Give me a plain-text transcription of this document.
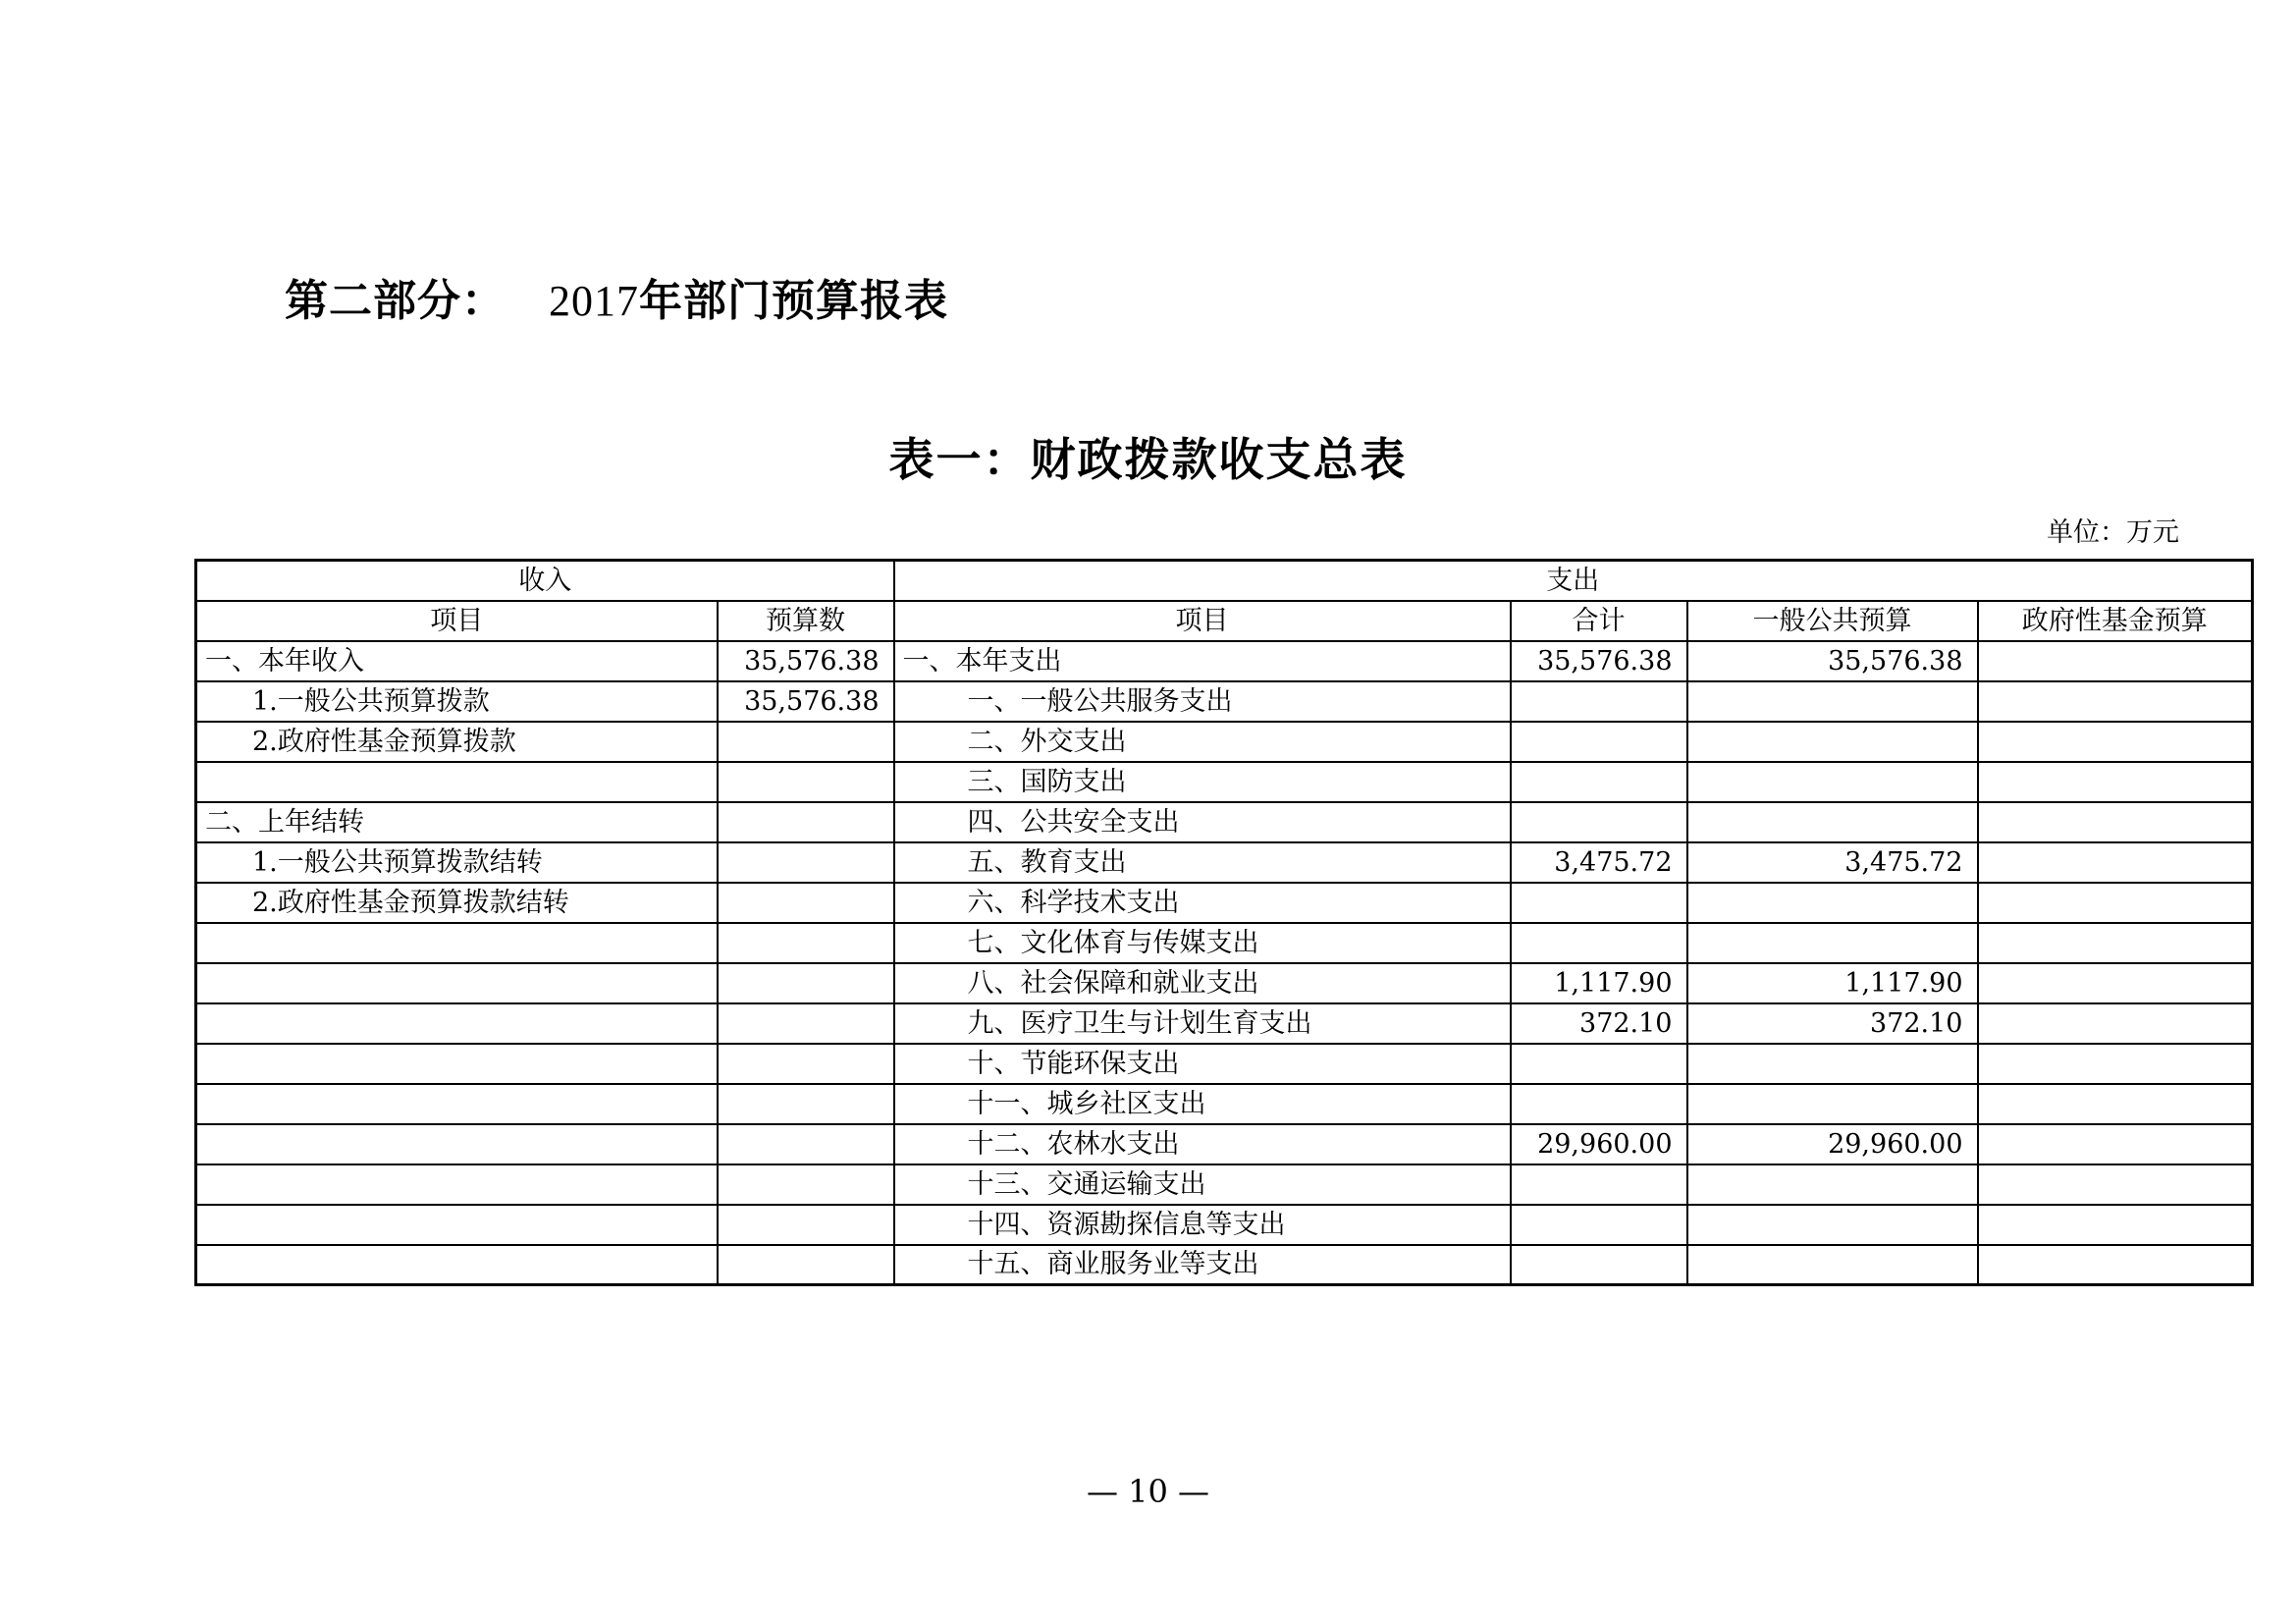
第二部分： 2017年部门预算报表
表一：财政拨款收支总表
单位：万元
收入		支出			
项目	预算数	项目	合计	一般公共预算	政府性基金预算
一、本年收入	35,576.38	一、本年支出	35,576.38	35,576.38	
1.一般公共预算拨款	35,576.38	一、一般公共服务支出			
2.政府性基金预算拨款		二、外交支出			
		三、国防支出			
二、上年结转		四、公共安全支出			
1.一般公共预算拨款结转		五、教育支出	3,475.72	3,475.72	
2.政府性基金预算拨款结转		六、科学技术支出			
		七、文化体育与传媒支出			
		八、社会保障和就业支出	1,117.90	1,117.90	
		九、医疗卫生与计划生育支出	372.10	372.10	
		十、节能环保支出			
		十一、城乡社区支出			
		十二、农林水支出	29,960.00	29,960.00	
		十三、交通运输支出			
		十四、资源勘探信息等支出			
		十五、商业服务业等支出			
— 10 —
